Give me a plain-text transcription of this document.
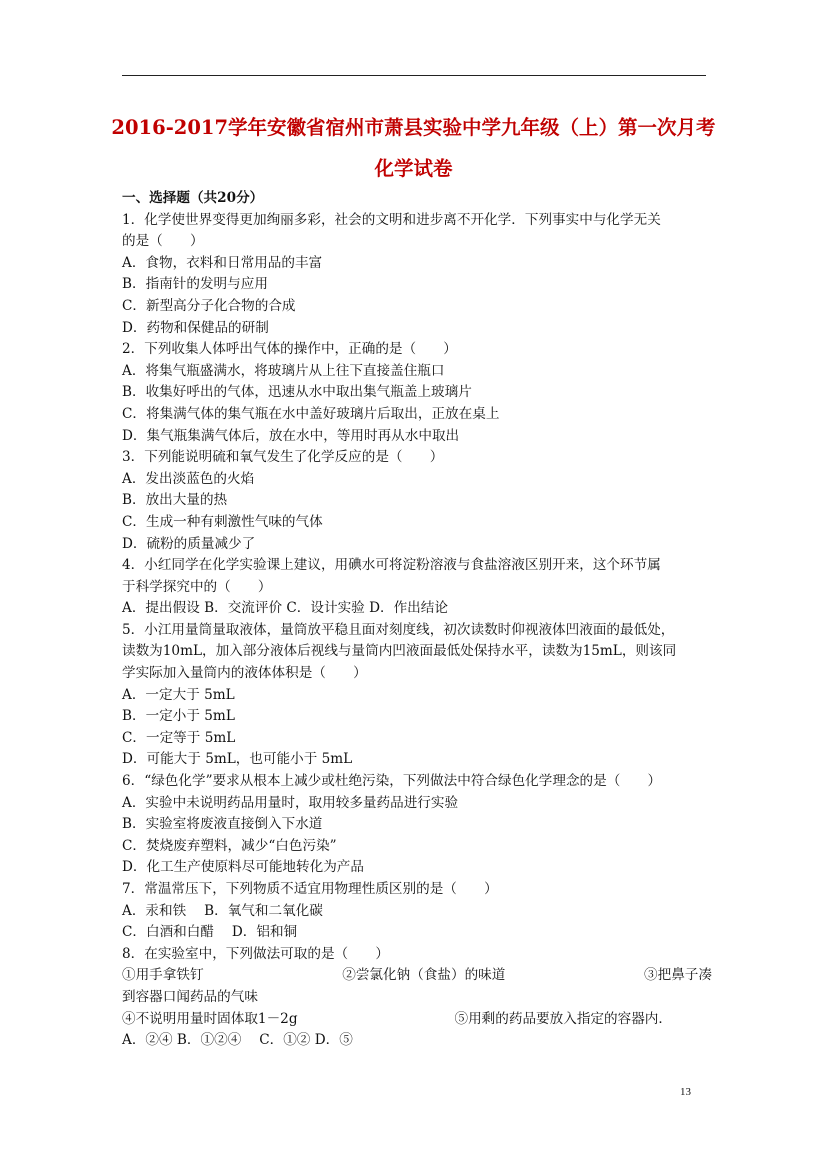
2016-2017学年安徽省宿州市萧县实验中学九年级（上）第一次月考
化学试卷
一、选择题（共20分）
1．化学使世界变得更加绚丽多彩，社会的文明和进步离不开化学．下列事实中与化学无关
的是（　　）
A．食物，衣料和日常用品的丰富
B．指南针的发明与应用
C．新型高分子化合物的合成
D．药物和保健品的研制
2．下列收集人体呼出气体的操作中，正确的是（　　）
A．将集气瓶盛满水，将玻璃片从上往下直接盖住瓶口
B．收集好呼出的气体，迅速从水中取出集气瓶盖上玻璃片
C．将集满气体的集气瓶在水中盖好玻璃片后取出，正放在桌上
D．集气瓶集满气体后，放在水中，等用时再从水中取出
3．下列能说明硫和氧气发生了化学反应的是（　　）
A．发出淡蓝色的火焰
B．放出大量的热
C．生成一种有刺激性气味的气体
D．硫粉的质量减少了
4．小红同学在化学实验课上建议，用碘水可将淀粉溶液与食盐溶液区别开来，这个环节属
于科学探究中的（　　）
A．提出假设 B．交流评价 C．设计实验 D．作出结论
5．小江用量筒量取液体，量筒放平稳且面对刻度线，初次读数时仰视液体凹液面的最低处，
读数为10mL，加入部分液体后视线与量筒内凹液面最低处保持水平，读数为15mL，则该同
学实际加入量筒内的液体体积是（　　）
A．一定大于 5mL
B．一定小于 5mL
C．一定等于 5mL
D．可能大于 5mL，也可能小于 5mL
6．“绿色化学”要求从根本上减少或杜绝污染，下列做法中符合绿色化学理念的是（　　）
A．实验中未说明药品用量时，取用较多量药品进行实验
B．实验室将废液直接倒入下水道
C．焚烧废弃塑料，减少“白色污染”
D．化工生产使原料尽可能地转化为产品
7．常温常压下，下列物质不适宜用物理性质区别的是（　　）
A．汞和铁　 B．氧气和二氧化碳
C．白酒和白醋　 D．铝和铜
8．在实验室中，下列做法可取的是（　　）
①用手拿铁钉	②尝氯化钠（食盐）的味道	③把鼻子凑
到容器口闻药品的气味
④不说明用量时固体取1－2g	⑤用剩的药品要放入指定的容器内．
A．②④ B．①②④　 C．①② D．⑤
13
